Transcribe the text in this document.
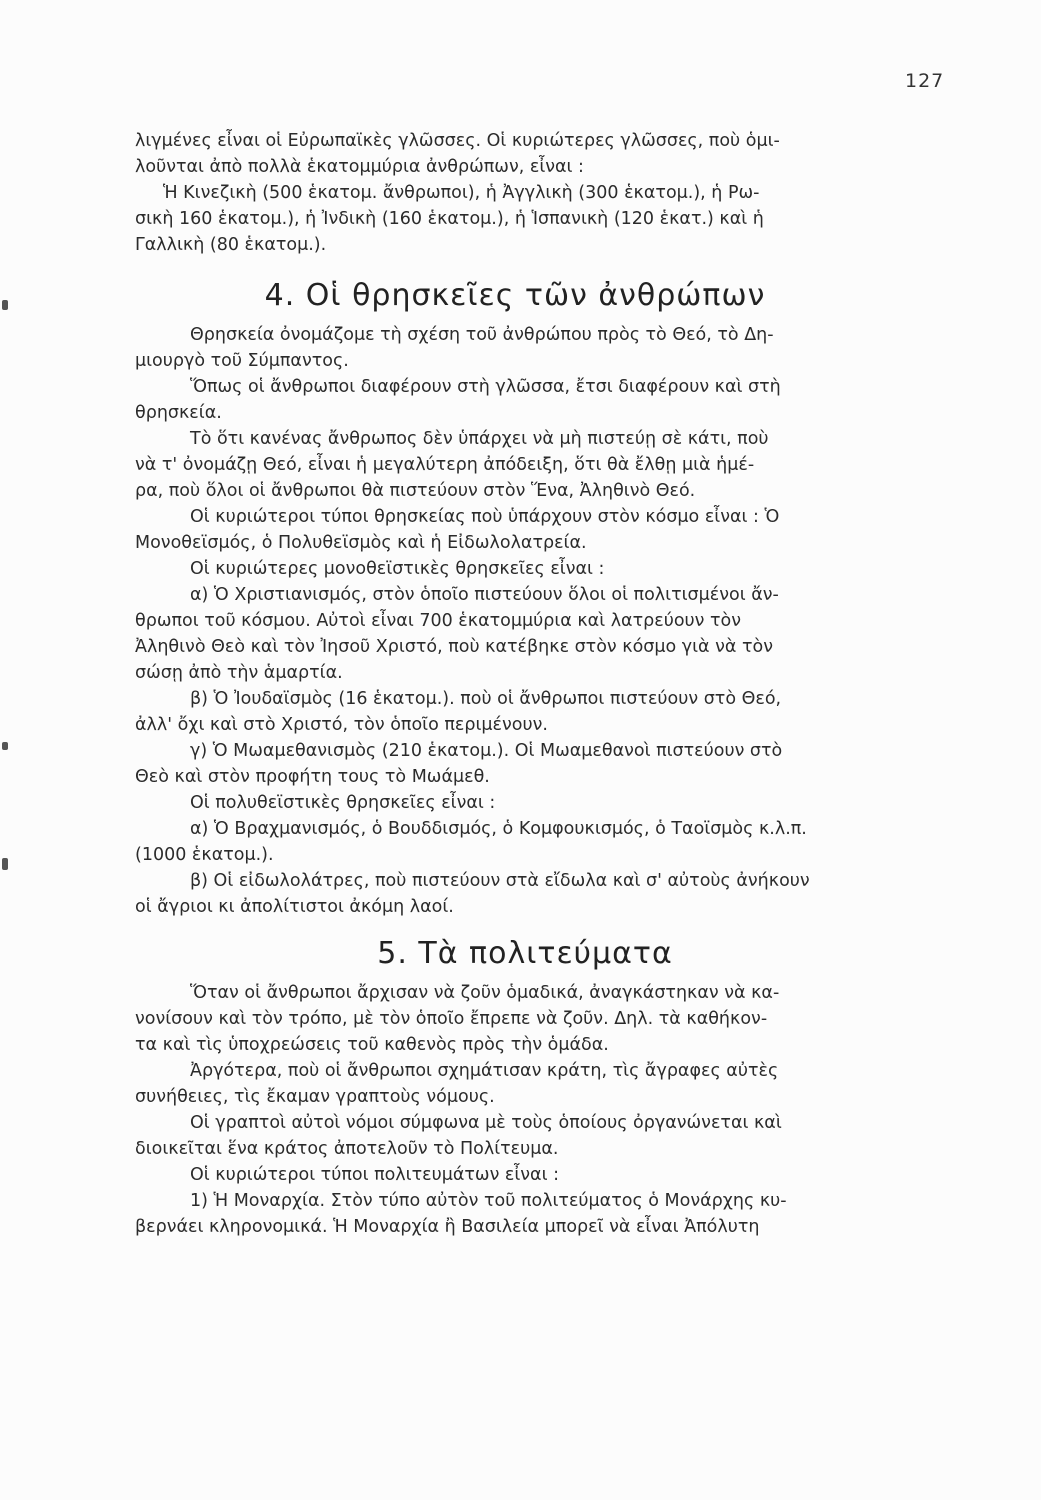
127
λιγμένες εἶναι οἱ Εὐρωπαϊκὲς γλῶσσες. Οἱ κυριώτερες γλῶσσες, ποὺ ὁμι-
λοῦνται ἀπὸ πολλὰ ἑκατομμύρια ἀνθρώπων, εἶναι :
Ἡ Κινεζικὴ (500 ἑκατομ. ἄνθρωποι), ἡ Ἀγγλικὴ (300 ἑκατομ.), ἡ Ρω-
σικὴ 160 ἑκατομ.), ἡ Ἰνδικὴ (160 ἑκατομ.), ἡ Ἱσπανικὴ (120 ἑκατ.) καὶ ἡ
Γαλλικὴ (80 ἑκατομ.).
4. Οἱ θρησκεῖες τῶν ἀνθρώπων
Θρησκεία ὀνομάζομε τὴ σχέση τοῦ ἀνθρώπου πρὸς τὸ Θεό, τὸ Δη-
μιουργὸ τοῦ Σύμπαντος.
Ὅπως οἱ ἄνθρωποι διαφέρουν στὴ γλῶσσα, ἔτσι διαφέρουν καὶ στὴ
θρησκεία.
Τὸ ὅτι κανένας ἄνθρωπος δὲν ὑπάρχει νὰ μὴ πιστεύῃ σὲ κάτι, ποὺ
νὰ τ' ὀνομάζῃ Θεό, εἶναι ἡ μεγαλύτερη ἀπόδειξη, ὅτι θὰ ἔλθῃ μιὰ ἡμέ-
ρα, ποὺ ὅλοι οἱ ἄνθρωποι θὰ πιστεύουν στὸν Ἕνα, Ἀληθινὸ Θεό.
Οἱ κυριώτεροι τύποι θρησκείας ποὺ ὑπάρχουν στὸν κόσμο εἶναι : Ὁ
Μονοθεϊσμός, ὁ Πολυθεϊσμὸς καὶ ἡ Εἰδωλολατρεία.
Οἱ κυριώτερες μονοθεϊστικὲς θρησκεῖες εἶναι :
α) Ὁ Χριστιανισμός, στὸν ὁποῖο πιστεύουν ὅλοι οἱ πολιτισμένοι ἄν-
θρωποι τοῦ κόσμου. Αὐτοὶ εἶναι 700 ἑκατομμύρια καὶ λατρεύουν τὸν
Ἀληθινὸ Θεὸ καὶ τὸν Ἰησοῦ Χριστό, ποὺ κατέβηκε στὸν κόσμο γιὰ νὰ τὸν
σώσῃ ἀπὸ τὴν ἁμαρτία.
β) Ὁ Ἰουδαϊσμὸς (16 ἑκατομ.). ποὺ οἱ ἄνθρωποι πιστεύουν στὸ Θεό,
ἀλλ' ὄχι καὶ στὸ Χριστό, τὸν ὁποῖο περιμένουν.
γ) Ὁ Μωαμεθανισμὸς (210 ἑκατομ.). Οἱ Μωαμεθανοὶ πιστεύουν στὸ
Θεὸ καὶ στὸν προφήτη τους τὸ Μωάμεθ.
Οἱ πολυθεϊστικὲς θρησκεῖες εἶναι :
α) Ὁ Βραχμανισμός, ὁ Βουδδισμός, ὁ Κομφουκισμός, ὁ Ταοϊσμὸς κ.λ.π.
(1000 ἑκατομ.).
β) Οἱ εἰδωλολάτρες, ποὺ πιστεύουν στὰ εἴδωλα καὶ σ' αὐτοὺς ἀνήκουν
οἱ ἄγριοι κι ἀπολίτιστοι ἀκόμη λαοί.
5. Τὰ πολιτεύματα
Ὅταν οἱ ἄνθρωποι ἄρχισαν νὰ ζοῦν ὁμαδικά, ἀναγκάστηκαν νὰ κα-
νονίσουν καὶ τὸν τρόπο, μὲ τὸν ὁποῖο ἔπρεπε νὰ ζοῦν. Δηλ. τὰ καθήκον-
τα καὶ τὶς ὑποχρεώσεις τοῦ καθενὸς πρὸς τὴν ὁμάδα.
Ἀργότερα, ποὺ οἱ ἄνθρωποι σχημάτισαν κράτη, τὶς ἄγραφες αὐτὲς
συνήθειες, τὶς ἔκαμαν γραπτοὺς νόμους.
Οἱ γραπτοὶ αὐτοὶ νόμοι σύμφωνα μὲ τοὺς ὁποίους ὀργανώνεται καὶ
διοικεῖται ἕνα κράτος ἀποτελοῦν τὸ Πολίτευμα.
Οἱ κυριώτεροι τύποι πολιτευμάτων εἶναι :
1) Ἡ Μοναρχία. Στὸν τύπο αὐτὸν τοῦ πολιτεύματος ὁ Μονάρχης κυ-
βερνάει κληρονομικά. Ἡ Μοναρχία ἢ Βασιλεία μπορεῖ νὰ εἶναι Ἀπόλυτη
